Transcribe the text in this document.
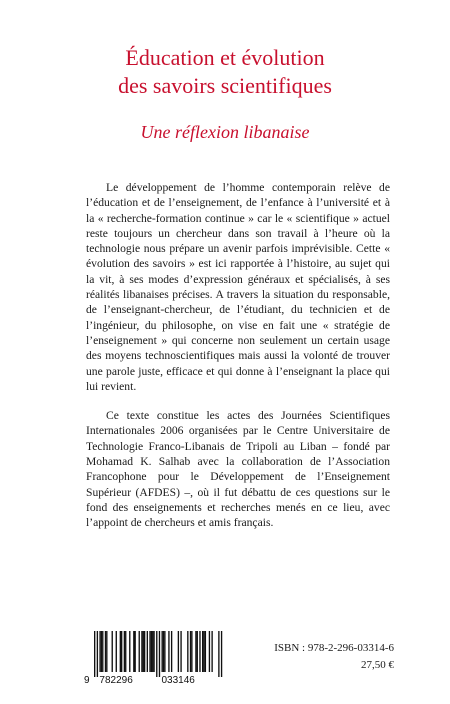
Éducation et évolution
des savoirs scientifiques
Une réflexion libanaise

Le développement de l’homme contemporain relève de l’éducation et de l’enseignement, de l’enfance à l’université et à la « recherche-formation continue » car le « scientifique » actuel reste toujours un chercheur dans son travail à l’heure où la technologie nous prépare un avenir parfois imprévisible. Cette « évolution des savoirs » est ici rapportée à l’histoire, au sujet qui la vit, à ses modes d’expression généraux et spécialisés, à ses réalités libanaises précises. A travers la situation du responsable, de l’enseignant-chercheur, de l’étudiant, du technicien et de l’ingénieur, du philosophe, on vise en fait une « stratégie de l’enseignement » qui concerne non seulement un certain usage des moyens technoscientifiques mais aussi la volonté de trouver une parole juste, efficace et qui donne à l’enseignant la place qui lui revient.

Ce texte constitue les actes des Journées Scientifiques Internationales 2006 organisées par le Centre Universitaire de Technologie Franco-Libanais de Tripoli au Liban – fondé par Mohamad K. Salhab avec la collaboration de l’Association Francophone pour le Développement de l’Enseignement Supérieur (AFDES) –, où il fut débattu de ces questions sur le fond des enseignements et recherches menés en ce lieu, avec l’appoint de chercheurs et amis français.

9 782296	033146
ISBN : 978-2-296-03314-6
27,50 €
